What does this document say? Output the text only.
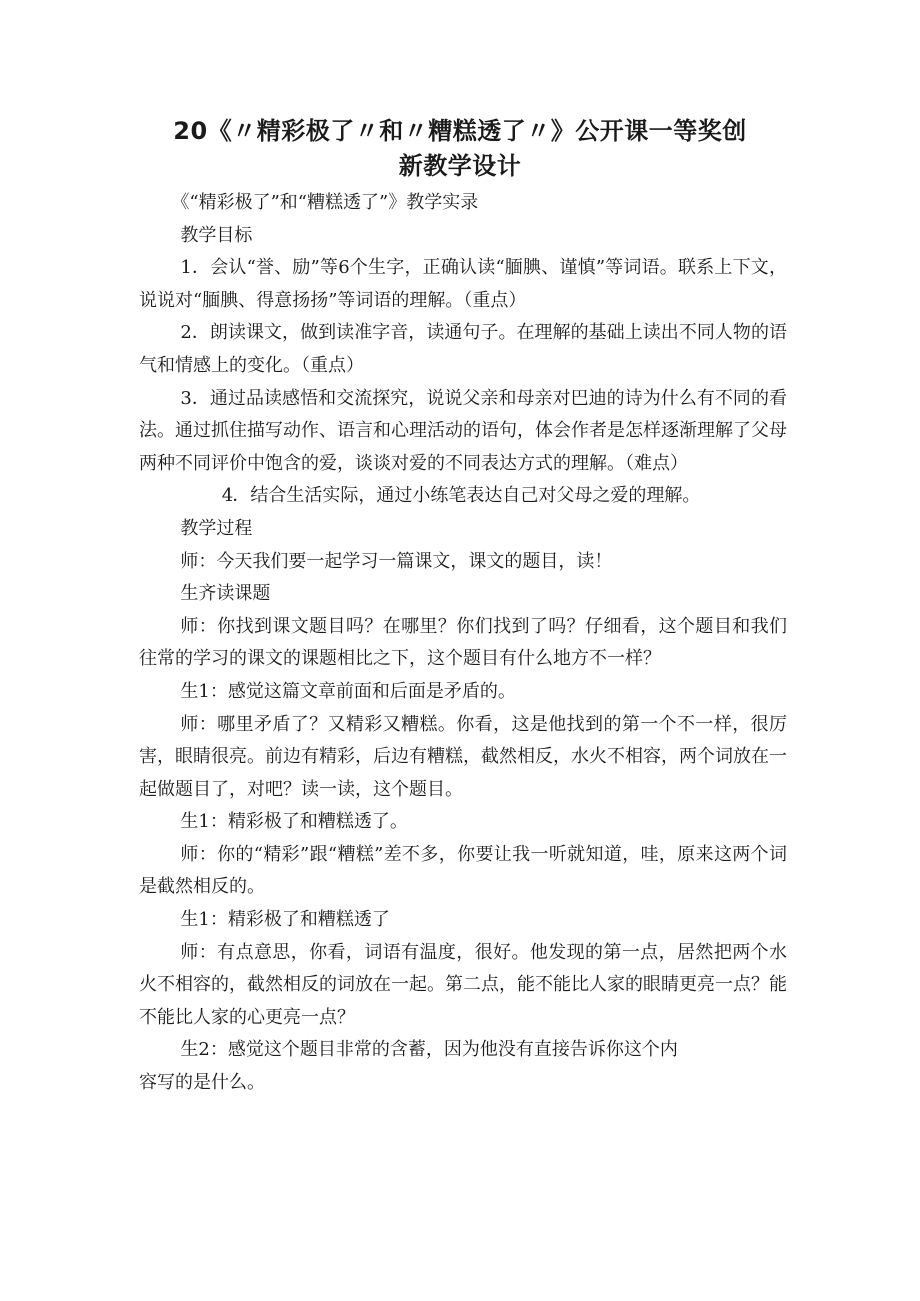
20《〃精彩极了〃和〃糟糕透了〃》公开课一等奖创
新教学设计

《“精彩极了”和“糟糕透了”》教学实录

教学目标

1．会认“誉、励”等6个生字，正确认读“腼腆、谨慎”等词语。联系上下文，说说对“腼腆、得意扬扬”等词语的理解。（重点）

2．朗读课文，做到读准字音，读通句子。在理解的基础上读出不同人物的语气和情感上的变化。（重点）

3．通过品读感悟和交流探究，说说父亲和母亲对巴迪的诗为什么有不同的看法。通过抓住描写动作、语言和心理活动的语句，体会作者是怎样逐渐理解了父母两种不同评价中饱含的爱，谈谈对爱的不同表达方式的理解。（难点）

4．结合生活实际，通过小练笔表达自己对父母之爱的理解。

教学过程

师：今天我们要一起学习一篇课文，课文的题目，读！

生齐读课题

师：你找到课文题目吗？在哪里？你们找到了吗？仔细看，这个题目和我们往常的学习的课文的课题相比之下，这个题目有什么地方不一样？

生1：感觉这篇文章前面和后面是矛盾的。

师：哪里矛盾了？又精彩又糟糕。你看，这是他找到的第一个不一样，很厉害，眼睛很亮。前边有精彩，后边有糟糕，截然相反，水火不相容，两个词放在一起做题目了，对吧？读一读，这个题目。

生1：精彩极了和糟糕透了。

师：你的“精彩”跟“糟糕”差不多，你要让我一听就知道，哇，原来这两个词是截然相反的。

生1：精彩极了和糟糕透了

师：有点意思，你看，词语有温度，很好。他发现的第一点，居然把两个水火不相容的，截然相反的词放在一起。第二点，能不能比人家的眼睛更亮一点？能不能比人家的心更亮一点？

生2：感觉这个题目非常的含蓄，因为他没有直接告诉你这个内

容写的是什么。
